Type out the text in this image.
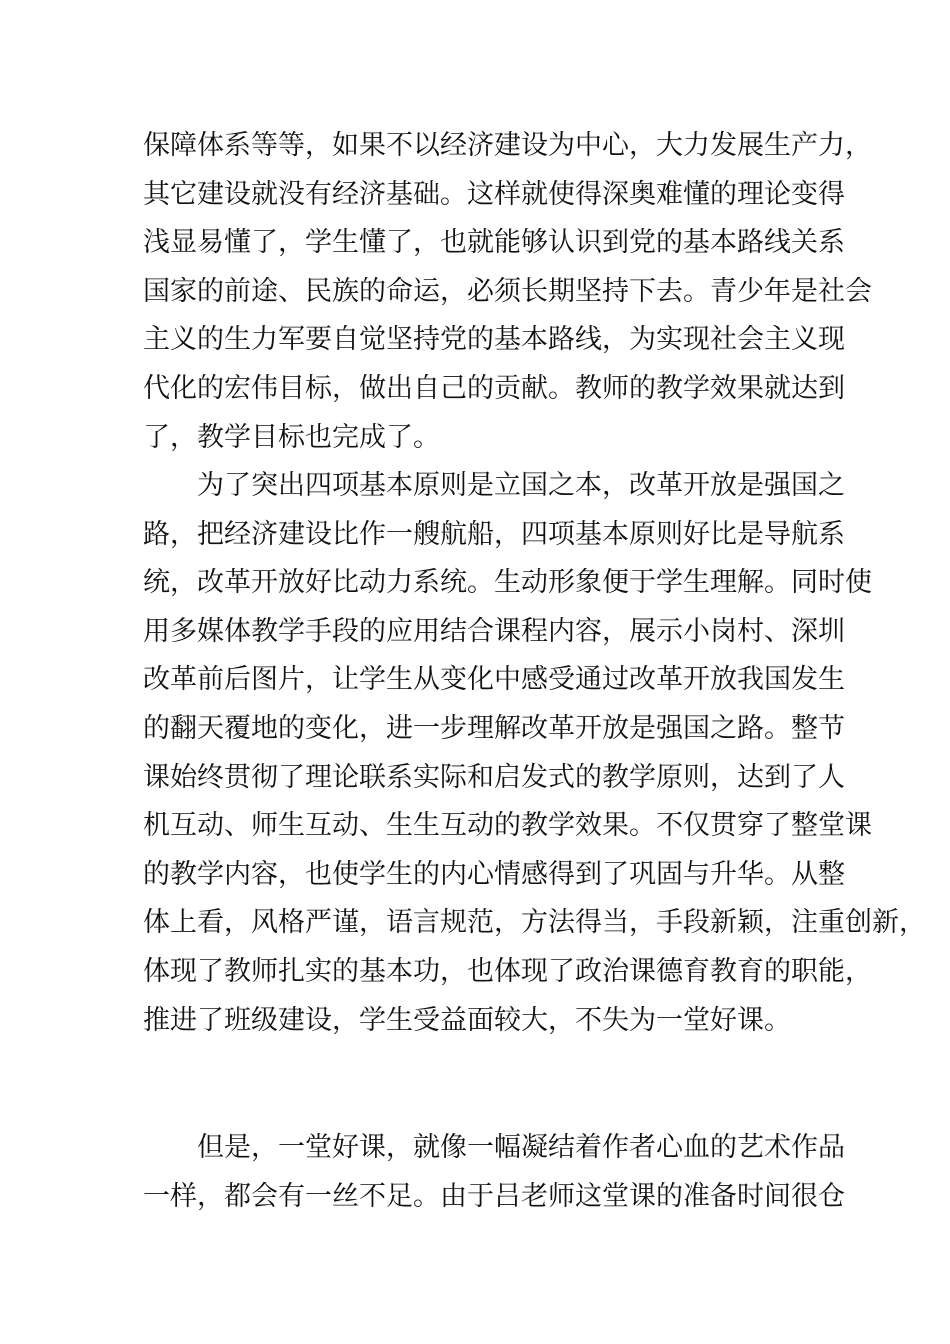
保障体系等等，如果不以经济建设为中心，大力发展生产力，
其它建设就没有经济基础。这样就使得深奥难懂的理论变得
浅显易懂了，学生懂了，也就能够认识到党的基本路线关系
国家的前途、民族的命运，必须长期坚持下去。青少年是社会
主义的生力军要自觉坚持党的基本路线，为实现社会主义现
代化的宏伟目标，做出自己的贡献。教师的教学效果就达到
了，教学目标也完成了。
为了突出四项基本原则是立国之本，改革开放是强国之
路，把经济建设比作一艘航船，四项基本原则好比是导航系
统，改革开放好比动力系统。生动形象便于学生理解。同时使
用多媒体教学手段的应用结合课程内容，展示小岗村、深圳
改革前后图片，让学生从变化中感受通过改革开放我国发生
的翻天覆地的变化，进一步理解改革开放是强国之路。整节
课始终贯彻了理论联系实际和启发式的教学原则，达到了人
机互动、师生互动、生生互动的教学效果。不仅贯穿了整堂课
的教学内容，也使学生的内心情感得到了巩固与升华。从整
体上看，风格严谨，语言规范，方法得当，手段新颖，注重创新，
体现了教师扎实的基本功，也体现了政治课德育教育的职能，
推进了班级建设，学生受益面较大，不失为一堂好课。
但是，一堂好课，就像一幅凝结着作者心血的艺术作品
一样，都会有一丝不足。由于吕老师这堂课的准备时间很仓
